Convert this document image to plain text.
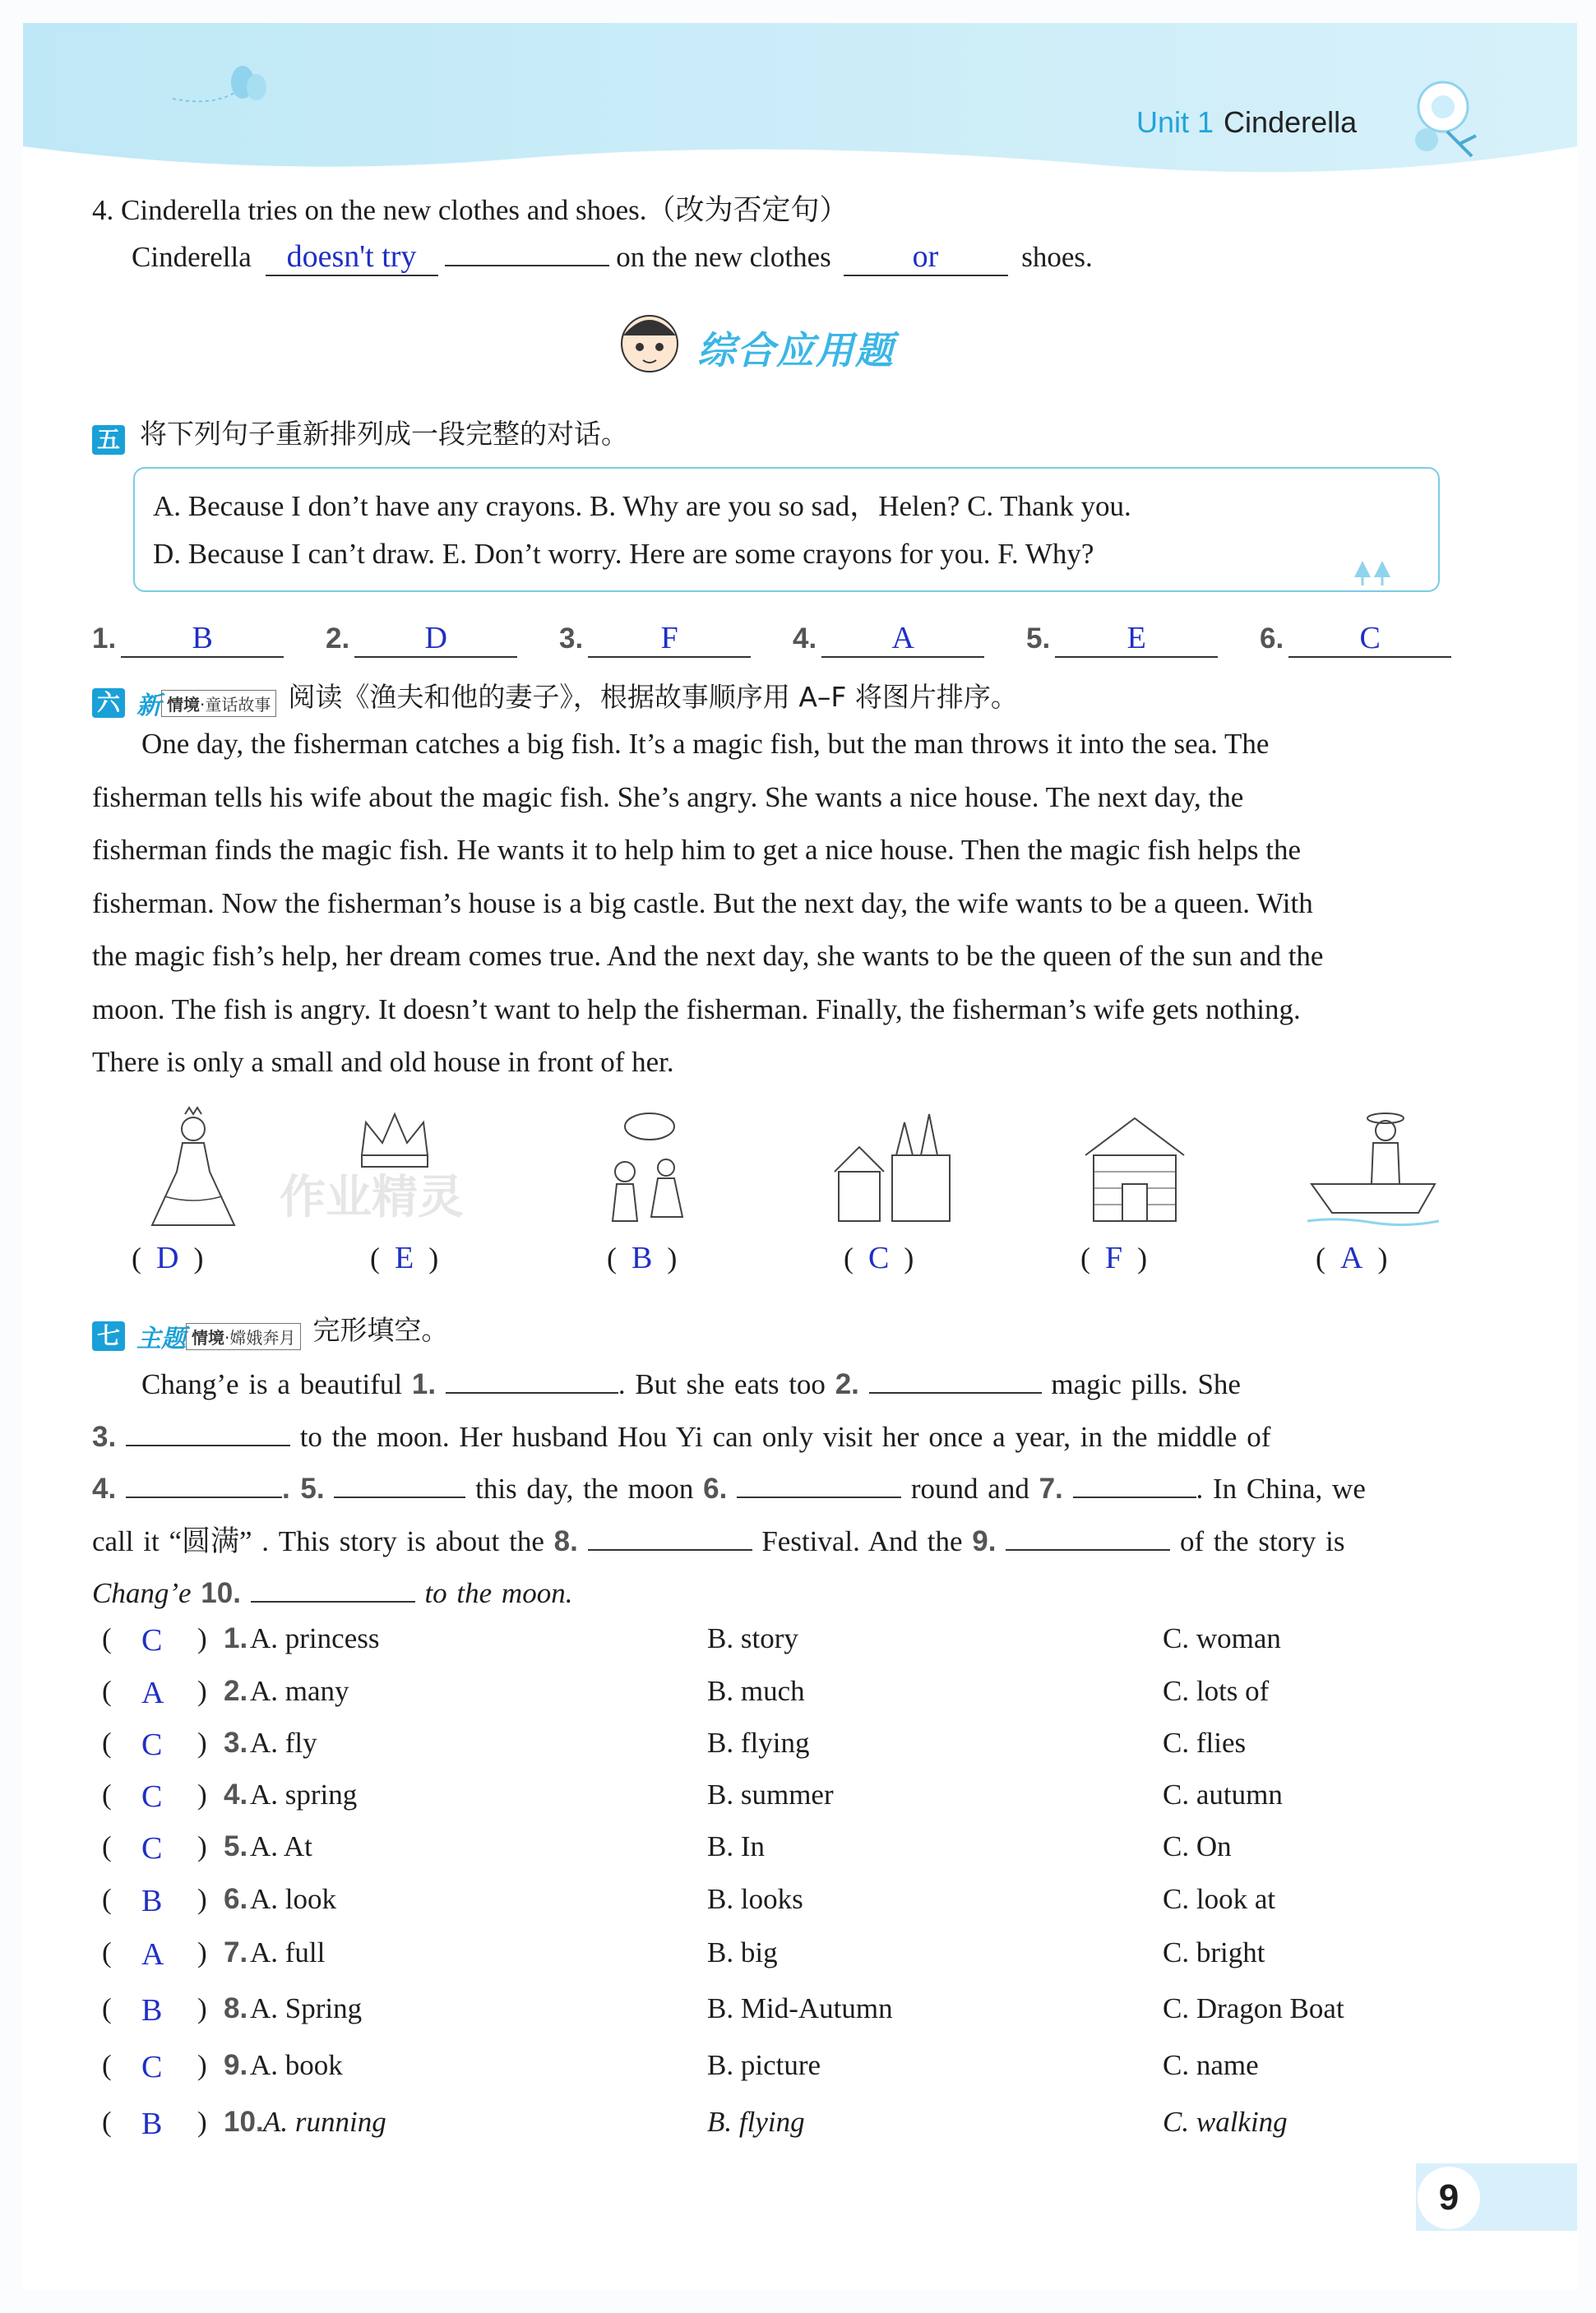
Unit 1 Cinderella
4. Cinderella tries on the new clothes and shoes.（改为否定句）
Cinderella doesn't try	on the new clothes	or	shoes.
综合应用题
五 将下列句子重新排列成一段完整的对话。
A. Because I don’t have any crayons. B. Why are you so sad，Helen? C. Thank you.
D. Because I can’t draw. E. Don’t worry. Here are some crayons for you. F. Why?
1. B	2. D	3. F	4. A	5. E	6. C
六 新 情境·童话故事 阅读《渔夫和他的妻子》，根据故事顺序用 A–F 将图片排序。
One day, the fisherman catches a big fish. It’s a magic fish, but the man throws it into the sea. The
fisherman tells his wife about the magic fish. She’s angry. She wants a nice house. The next day, the
fisherman finds the magic fish. He wants it to help him to get a nice house. Then the magic fish helps the
fisherman. Now the fisherman’s house is a big castle. But the next day, the wife wants to be a queen. With
the magic fish’s help, her dream comes true. And the next day, she wants to be the queen of the sun and the
moon. The fish is angry. It doesn’t want to help the fisherman. Finally, the fisherman’s wife gets nothing.
There is only a small and old house in front of her.
作业精灵
(  D  )	(  E  )	(  B  )	(  C  )	(  F  )	(  A  )
七 主题 情境·嫦娥奔月 完形填空。
Chang’e is a beautiful 1.	. But she eats too 2.	magic pills. She
3.	to the moon. Her husband Hou Yi can only visit her once a year, in the middle of
4.	. 5.	this day, the moon 6.	round and 7.	. In China, we
call it “圆满” . This story is about the 8.	Festival. And the 9.	of the story is
Chang’e 10.	to the moon.
( C ) 1. A. princess	B. story	C. woman
( A ) 2. A. many	B. much	C. lots of
( C ) 3. A. fly	B. flying	C. flies
( C ) 4. A. spring	B. summer	C. autumn
( C ) 5. A. At	B. In	C. On
( B ) 6. A. look	B. looks	C. look at
( A ) 7. A. full	B. big	C. bright
( B ) 8. A. Spring	B. Mid-Autumn	C. Dragon Boat
( C ) 9. A. book	B. picture	C. name
( B ) 10. A. running	B. flying	C. walking
9
